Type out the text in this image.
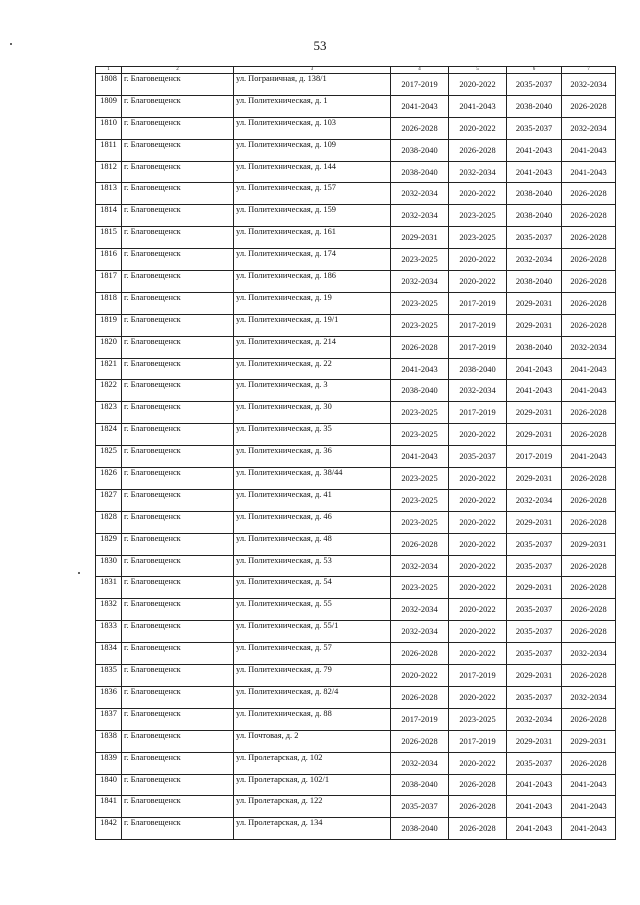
53
1	2	3	4	5	6	7
1808	г. Благовещенск	ул. Пограничная, д. 138/1	2017-2019	2020-2022	2035-2037	2032-2034
1809	г. Благовещенск	ул. Политехническая, д. 1	2041-2043	2041-2043	2038-2040	2026-2028
1810	г. Благовещенск	ул. Политехническая, д. 103	2026-2028	2020-2022	2035-2037	2032-2034
1811	г. Благовещенск	ул. Политехническая, д. 109	2038-2040	2026-2028	2041-2043	2041-2043
1812	г. Благовещенск	ул. Политехническая, д. 144	2038-2040	2032-2034	2041-2043	2041-2043
1813	г. Благовещенск	ул. Политехническая, д. 157	2032-2034	2020-2022	2038-2040	2026-2028
1814	г. Благовещенск	ул. Политехническая, д. 159	2032-2034	2023-2025	2038-2040	2026-2028
1815	г. Благовещенск	ул. Политехническая, д. 161	2029-2031	2023-2025	2035-2037	2026-2028
1816	г. Благовещенск	ул. Политехническая, д. 174	2023-2025	2020-2022	2032-2034	2026-2028
1817	г. Благовещенск	ул. Политехническая, д. 186	2032-2034	2020-2022	2038-2040	2026-2028
1818	г. Благовещенск	ул. Политехническая, д. 19	2023-2025	2017-2019	2029-2031	2026-2028
1819	г. Благовещенск	ул. Политехническая, д. 19/1	2023-2025	2017-2019	2029-2031	2026-2028
1820	г. Благовещенск	ул. Политехническая, д. 214	2026-2028	2017-2019	2038-2040	2032-2034
1821	г. Благовещенск	ул. Политехническая, д. 22	2041-2043	2038-2040	2041-2043	2041-2043
1822	г. Благовещенск	ул. Политехническая, д. 3	2038-2040	2032-2034	2041-2043	2041-2043
1823	г. Благовещенск	ул. Политехническая, д. 30	2023-2025	2017-2019	2029-2031	2026-2028
1824	г. Благовещенск	ул. Политехническая, д. 35	2023-2025	2020-2022	2029-2031	2026-2028
1825	г. Благовещенск	ул. Политехническая, д. 36	2041-2043	2035-2037	2017-2019	2041-2043
1826	г. Благовещенск	ул. Политехническая, д. 38/44	2023-2025	2020-2022	2029-2031	2026-2028
1827	г. Благовещенск	ул. Политехническая, д. 41	2023-2025	2020-2022	2032-2034	2026-2028
1828	г. Благовещенск	ул. Политехническая, д. 46	2023-2025	2020-2022	2029-2031	2026-2028
1829	г. Благовещенск	ул. Политехническая, д. 48	2026-2028	2020-2022	2035-2037	2029-2031
1830	г. Благовещенск	ул. Политехническая, д. 53	2032-2034	2020-2022	2035-2037	2026-2028
1831	г. Благовещенск	ул. Политехническая, д. 54	2023-2025	2020-2022	2029-2031	2026-2028
1832	г. Благовещенск	ул. Политехническая, д. 55	2032-2034	2020-2022	2035-2037	2026-2028
1833	г. Благовещенск	ул. Политехническая, д. 55/1	2032-2034	2020-2022	2035-2037	2026-2028
1834	г. Благовещенск	ул. Политехническая, д. 57	2026-2028	2020-2022	2035-2037	2032-2034
1835	г. Благовещенск	ул. Политехническая, д. 79	2020-2022	2017-2019	2029-2031	2026-2028
1836	г. Благовещенск	ул. Политехническая, д. 82/4	2026-2028	2020-2022	2035-2037	2032-2034
1837	г. Благовещенск	ул. Политехническая, д. 88	2017-2019	2023-2025	2032-2034	2026-2028
1838	г. Благовещенск	ул. Почтовая, д. 2	2026-2028	2017-2019	2029-2031	2029-2031
1839	г. Благовещенск	ул. Пролетарская, д. 102	2032-2034	2020-2022	2035-2037	2026-2028
1840	г. Благовещенск	ул. Пролетарская, д. 102/1	2038-2040	2026-2028	2041-2043	2041-2043
1841	г. Благовещенск	ул. Пролетарская, д. 122	2035-2037	2026-2028	2041-2043	2041-2043
1842	г. Благовещенск	ул. Пролетарская, д. 134	2038-2040	2026-2028	2041-2043	2041-2043
